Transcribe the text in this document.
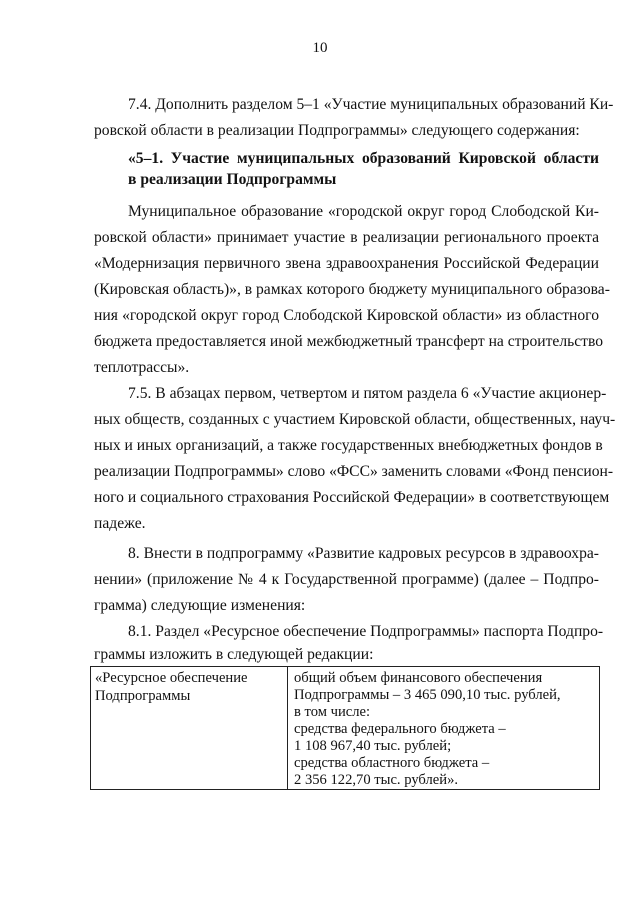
10
7.4. Дополнить разделом 5–1 «Участие муниципальных образований Ки-
ровской области в реализации Подпрограммы» следующего содержания:
«5–1. Участие муниципальных образований Кировской области
в реализации Подпрограммы
Муниципальное образование «городской округ город Слободской Ки-
ровской области» принимает участие в реализации регионального проекта
«Модернизация первичного звена здравоохранения Российской Федерации
(Кировская область)», в рамках которого бюджету муниципального образова-
ния «городской округ город Слободской Кировской области» из областного
бюджета предоставляется иной межбюджетный трансферт на строительство
теплотрассы».
7.5. В абзацах первом, четвертом и пятом раздела 6 «Участие акционер-
ных обществ, созданных с участием Кировской области, общественных, науч-
ных и иных организаций, а также государственных внебюджетных фондов в
реализации Подпрограммы» слово «ФСС» заменить словами «Фонд пенсион-
ного и социального страхования Российской Федерации» в соответствующем
падеже.
8. Внести в подпрограмму «Развитие кадровых ресурсов в здравоохра-
нении» (приложение № 4 к Государственной программе) (далее – Подпро-
грамма) следующие изменения:
8.1. Раздел «Ресурсное обеспечение Подпрограммы» паспорта Подпро-
граммы изложить в следующей редакции:
«Ресурсное обеспечение
Подпрограммы
общий объем финансового обеспечения
Подпрограммы – 3 465 090,10 тыс. рублей,
в том числе:
средства федерального бюджета –
1 108 967,40 тыс. рублей;
средства областного бюджета –
2 356 122,70 тыс. рублей».
